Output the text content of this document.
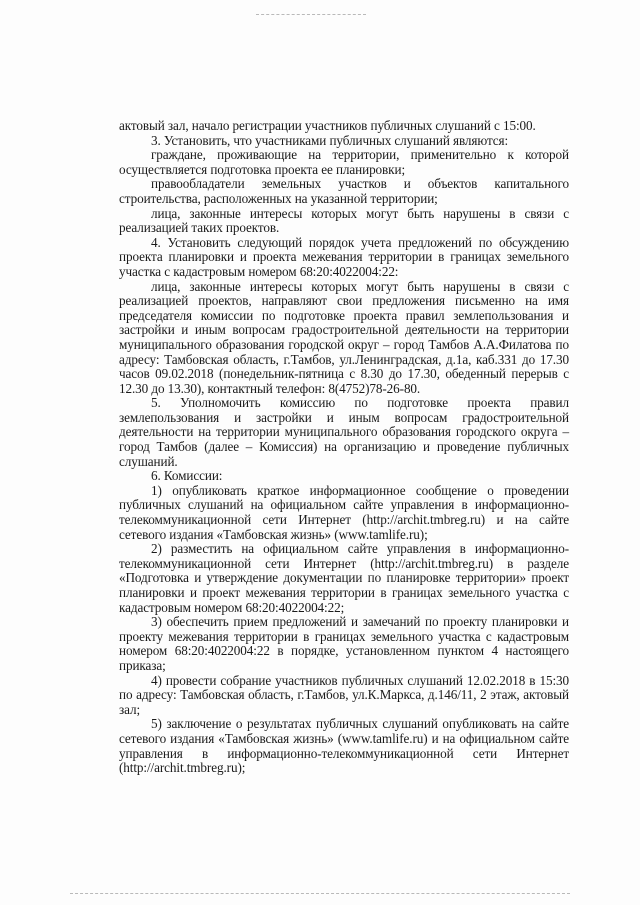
актовый зал, начало регистрации участников публичных слушаний с 15:00.

3. Установить, что участниками публичных слушаний являются:

граждане, проживающие на территории, применительно к которой осуществляется подготовка проекта ее планировки;

правообладатели земельных участков и объектов капитального строительства, расположенных на указанной территории;

лица, законные интересы которых могут быть нарушены в связи с реализацией таких проектов.

4. Установить следующий порядок учета предложений по обсуждению проекта планировки и проекта межевания территории в границах земельного участка с кадастровым номером 68:20:4022004:22:

лица, законные интересы которых могут быть нарушены в связи с реализацией проектов, направляют свои предложения письменно на имя председателя комиссии по подготовке проекта правил землепользования и застройки и иным вопросам градостроительной деятельности на территории муниципального образования городской округ – город Тамбов А.А.Филатова по адресу: Тамбовская область, г.Тамбов, ул.Ленинградская, д.1а, каб.331 до 17.30 часов 09.02.2018 (понедельник-пятница с 8.30 до 17.30, обеденный перерыв с 12.30 до 13.30), контактный телефон: 8(4752)78-26-80.

5. Уполномочить комиссию по подготовке проекта правил землепользования и застройки и иным вопросам градостроительной деятельности на территории муниципального образования городского округа – город Тамбов (далее – Комиссия) на организацию и проведение публичных слушаний.

6. Комиссии:

1) опубликовать краткое информационное сообщение о проведении публичных слушаний на официальном сайте управления в информационно-телекоммуникационной сети Интернет (http://archit.tmbreg.ru) и на сайте сетевого издания «Тамбовская жизнь» (www.tamlife.ru);

2) разместить на официальном сайте управления в информационно-телекоммуникационной сети Интернет (http://archit.tmbreg.ru) в разделе «Подготовка и утверждение документации по планировке территории» проект планировки и проект межевания территории в границах земельного участка с кадастровым номером 68:20:4022004:22;

3) обеспечить прием предложений и замечаний по проекту планировки и проекту межевания территории в границах земельного участка с кадастровым номером 68:20:4022004:22 в порядке, установленном пунктом 4 настоящего приказа;

4) провести собрание участников публичных слушаний 12.02.2018 в 15:30 по адресу: Тамбовская область, г.Тамбов, ул.К.Маркса, д.146/11, 2 этаж, актовый зал;

5) заключение о результатах публичных слушаний опубликовать на сайте сетевого издания «Тамбовская жизнь» (www.tamlife.ru) и на официальном сайте управления в информационно-телекоммуникационной сети Интернет (http://archit.tmbreg.ru);
